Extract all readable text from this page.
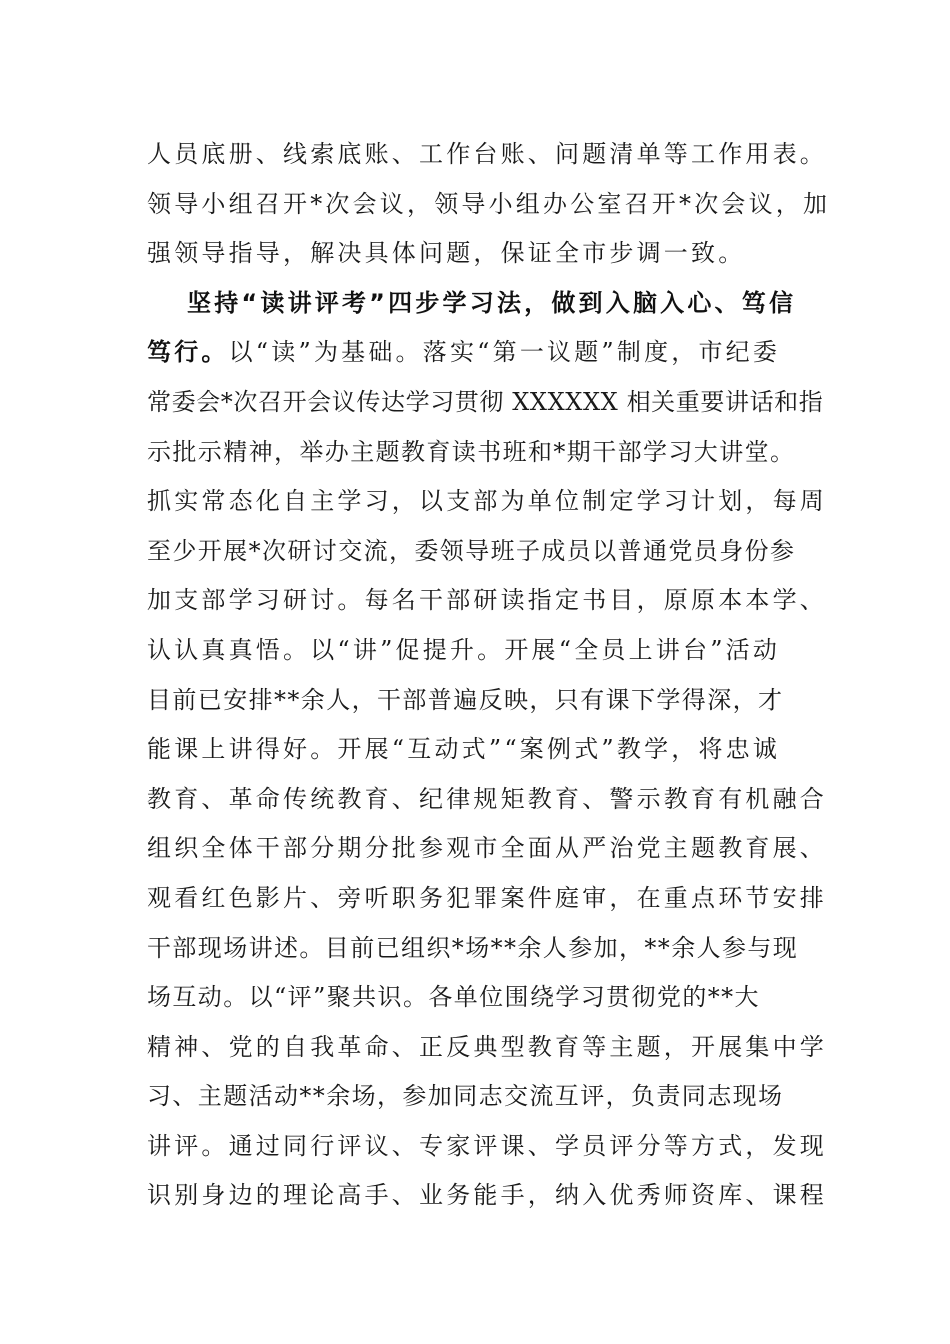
人员底册、线索底账、工作台账、问题清单等工作用表。
领导小组召开*次会议，领导小组办公室召开*次会议，加
强领导指导，解决具体问题，保证全市步调一致。
坚持“读讲评考”四步学习法，做到入脑入心、笃信
笃行。以“读”为基础。落实“第一议题”制度，市纪委
常委会*次召开会议传达学习贯彻 XXXXXX 相关重要讲话和指
示批示精神，举办主题教育读书班和*期干部学习大讲堂。
抓实常态化自主学习，以支部为单位制定学习计划，每周
至少开展*次研讨交流，委领导班子成员以普通党员身份参
加支部学习研讨。每名干部研读指定书目，原原本本学、
认认真真悟。以“讲”促提升。开展“全员上讲台”活动
目前已安排**余人，干部普遍反映，只有课下学得深，才
能课上讲得好。开展“互动式”“案例式”教学，将忠诚
教育、革命传统教育、纪律规矩教育、警示教育有机融合
组织全体干部分期分批参观市全面从严治党主题教育展、
观看红色影片、旁听职务犯罪案件庭审，在重点环节安排
干部现场讲述。目前已组织*场**余人参加，**余人参与现
场互动。以“评”聚共识。各单位围绕学习贯彻党的**大
精神、党的自我革命、正反典型教育等主题，开展集中学
习、主题活动**余场，参加同志交流互评，负责同志现场
讲评。通过同行评议、专家评课、学员评分等方式，发现
识别身边的理论高手、业务能手，纳入优秀师资库、课程
